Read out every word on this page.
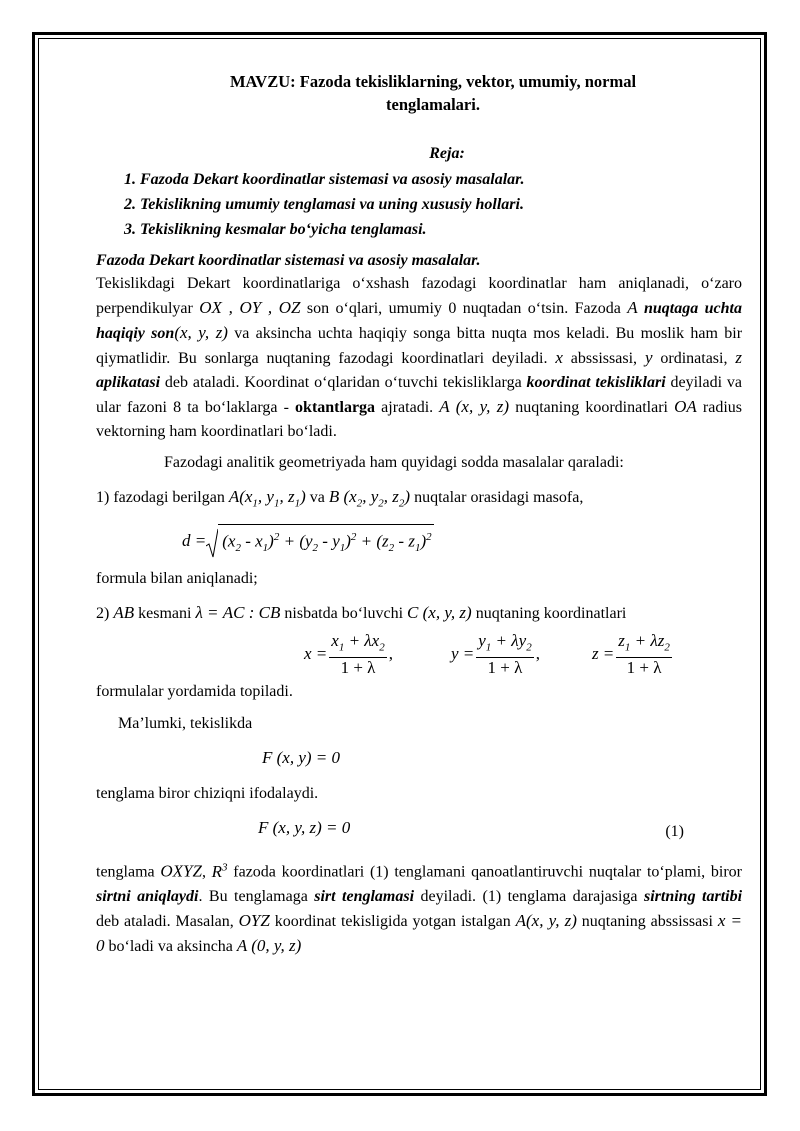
MAVZU: Fazoda tekisliklarning, vektor, umumiy, normal
tenglamalari.
Reja:
1. Fazoda Dekart koordinatlar sistemasi va asosiy masalalar.
2. Tekislikning umumiy tenglamasi va uning xususiy hollari.
3. Tekislikning kesmalar bo‘yicha tenglamasi.
Fazoda Dekart koordinatlar sistemasi va asosiy masalalar.

Tekislikdagi Dekart koordinatlariga o‘xshash fazodagi koordinatlar ham aniqlanadi, o‘zaro perpendikulyar OX , OY , OZ son o‘qlari, umumiy 0 nuqtadan o‘tsin. Fazoda A nuqtaga uchta haqiqiy son(x, y, z) va aksincha uchta haqiqiy songa bitta nuqta mos keladi. Bu moslik ham bir qiymatlidir. Bu sonlarga nuqtaning fazodagi koordinatlari deyiladi. x abssissasi, y ordinatasi, z aplikatasi deb ataladi. Koordinat o‘qlaridan o‘tuvchi tekisliklarga koordinat tekisliklari deyiladi va ular fazoni 8 ta bo‘laklarga - oktantlarga ajratadi. A (x, y, z) nuqtaning koordinatlari OA radius vektorning ham koordinatlari bo‘ladi.

Fazodagi analitik geometriyada ham quyidagi sodda masalalar qaraladi:

1) fazodagi berilgan $A(x_1$, $y_1$, $z_1$) va B ($x_2$, $y_2$, $z_2$) nuqtalar orasidagi masofa,

$d = (x_2 - x_1)^2 + (y_2 - y_1)^2 + (z_2 - z_1)^2$

formula bilan aniqlanadi;

2) AB kesmani λ = AC : CB nisbatda bo‘luvchi C (x, y, z) nuqtaning koordinatlari

$x = \frac{x_1 + \lambda x_2}{1 + \lambda}$ ,	$y = \frac{y_1 + \lambda y_2}{1 + \lambda}$ ,	$z = \frac{z_1 + \lambda z_2}{1 + \lambda}$

formulalar yordamida topiladi.

Ma’lumki, tekislikda

F (x, y) = 0

tenglama biror chiziqni ifodalaydi.

F (x, y, z) = 0	(1)

tenglama OXYZ, $R^3$ fazoda koordinatlari (1) tenglamani qanoatlantiruvchi nuqtalar to‘plami, biror sirtni aniqlaydi. Bu tenglamaga sirt tenglamasi deyiladi. (1) tenglama darajasiga sirtning tartibi deb ataladi. Masalan, OYZ koordinat tekisligida yotgan istalgan A(x, y, z) nuqtaning abssissasi x = 0 bo‘ladi va aksincha A (0, y, z)
